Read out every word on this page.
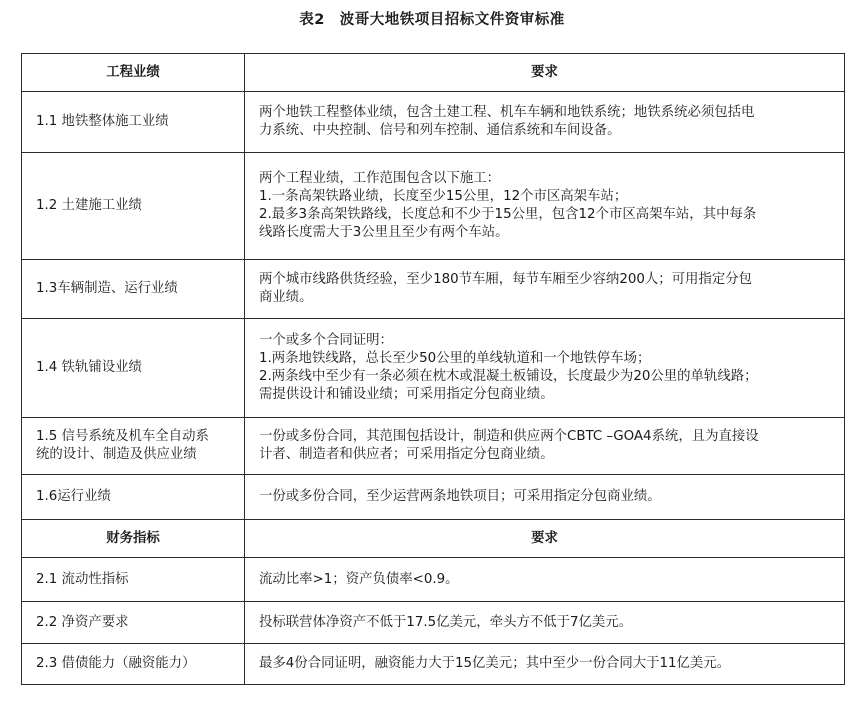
表2　波哥大地铁项目招标文件资审标准
工程业绩	要求
1.1 地铁整体施工业绩	两个地铁工程整体业绩，包含土建工程、机车车辆和地铁系统；地铁系统必须包括电
力系统、中央控制、信号和列车控制、通信系统和车间设备。

1.2 土建施工业绩	两个工程业绩，工作范围包含以下施工：
1.一条高架铁路业绩，长度至少15公里，12个市区高架车站；
2.最多3条高架铁路线，长度总和不少于15公里，包含12个市区高架车站，其中每条
线路长度需大于3公里且至少有两个车站。

1.3车辆制造、运行业绩	两个城市线路供货经验，至少180节车厢，每节车厢至少容纳200人；可用指定分包
商业绩。

1.4 铁轨铺设业绩	一个或多个合同证明：
1.两条地铁线路，总长至少50公里的单线轨道和一个地铁停车场；
2.两条线中至少有一条必须在枕木或混凝土板铺设，长度最少为20公里的单轨线路；
需提供设计和铺设业绩；可采用指定分包商业绩。

1.5 信号系统及机车全自动系
统的设计、制造及供应业绩	一份或多份合同，其范围包括设计，制造和供应两个CBTC –GOA4系统，且为直接设
计者、制造者和供应者；可采用指定分包商业绩。

1.6运行业绩	一份或多份合同，至少运营两条地铁项目；可采用指定分包商业绩。

财务指标	要求
2.1 流动性指标	流动比率>1；资产负债率<0.9。

2.2 净资产要求	投标联营体净资产不低于17.5亿美元，牵头方不低于7亿美元。

2.3 借债能力（融资能力）	最多4份合同证明，融资能力大于15亿美元；其中至少一份合同大于11亿美元。
